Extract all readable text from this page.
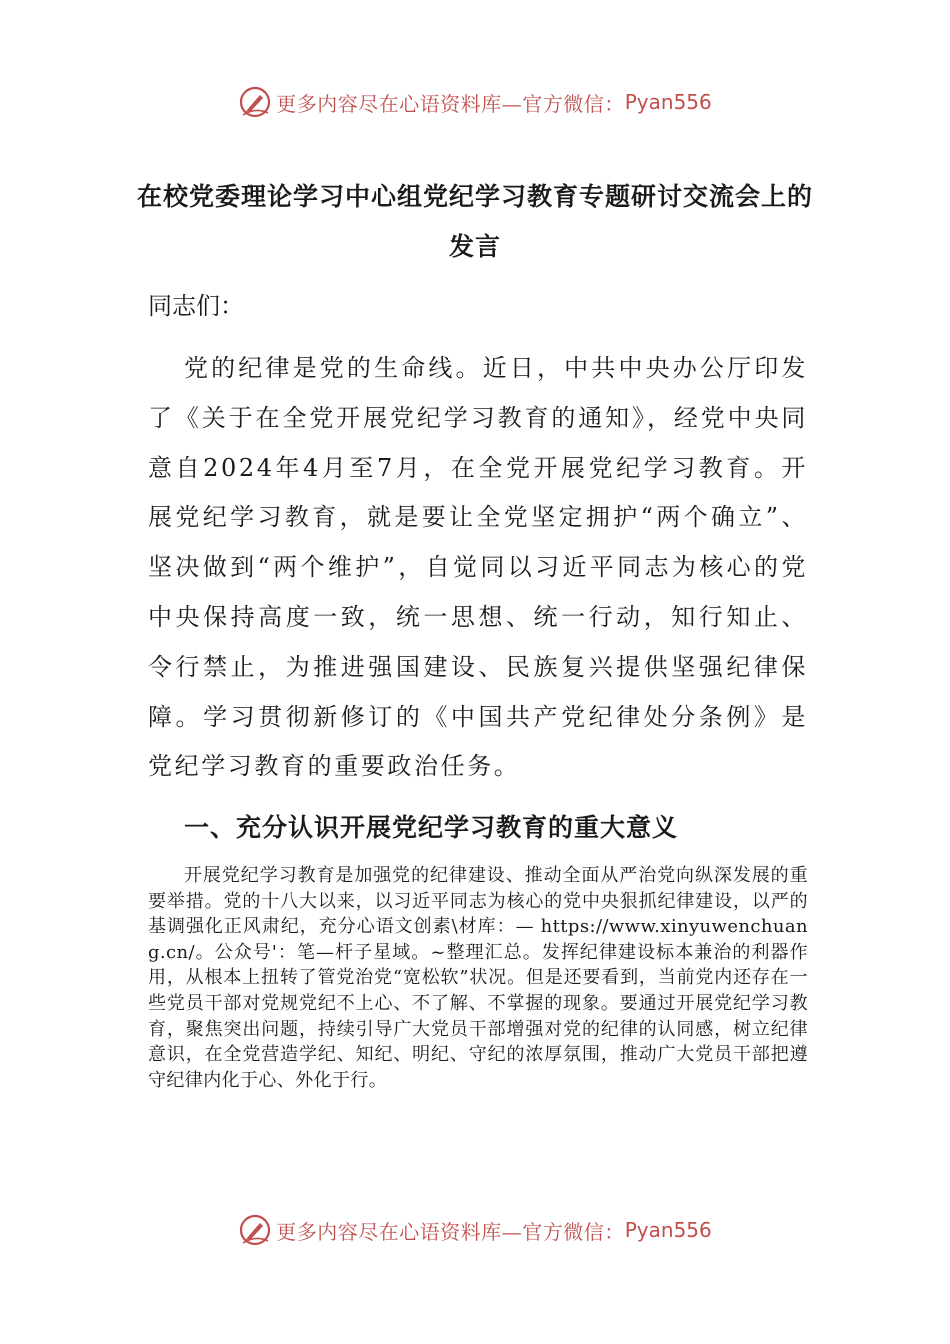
更多内容尽在心语资料库—官方微信： Pyan556
在校党委理论学习中心组党纪学习教育专题研讨交流会上的发言
同志们：
党的纪律是党的生命线。近日，中共中央办公厅印发了《关于在全党开展党纪学习教育的通知》，经党中央同意自2024年4月至7月，在全党开展党纪学习教育。开展党纪学习教育，就是要让全党坚定拥护“两个确立”、坚决做到“两个维护”，自觉同以习近平同志为核心的党中央保持高度一致，统一思想、统一行动，知行知止、令行禁止，为推进强国建设、民族复兴提供坚强纪律保障。学习贯彻新修订的《中国共产党纪律处分条例》是党纪学习教育的重要政治任务。
一、充分认识开展党纪学习教育的重大意义
开展党纪学习教育是加强党的纪律建设、推动全面从严治党向纵深发展的重要举措。党的十八大以来，以习近平同志为核心的党中央狠抓纪律建设，以严的基调强化正风肃纪，充分心语文创素\材库：— https://www.xinyuwenchuang.cn/。公众号'：笔—杆子星域。~整理汇总。发挥纪律建设标本兼治的利器作用，从根本上扭转了管党治党“宽松软”状况。但是还要看到，当前党内还存在一些党员干部对党规党纪不上心、不了解、不掌握的现象。要通过开展党纪学习教育，聚焦突出问题，持续引导广大党员干部增强对党的纪律的认同感，树立纪律意识，在全党营造学纪、知纪、明纪、守纪的浓厚氛围，推动广大党员干部把遵守纪律内化于心、外化于行。
更多内容尽在心语资料库—官方微信： Pyan556
